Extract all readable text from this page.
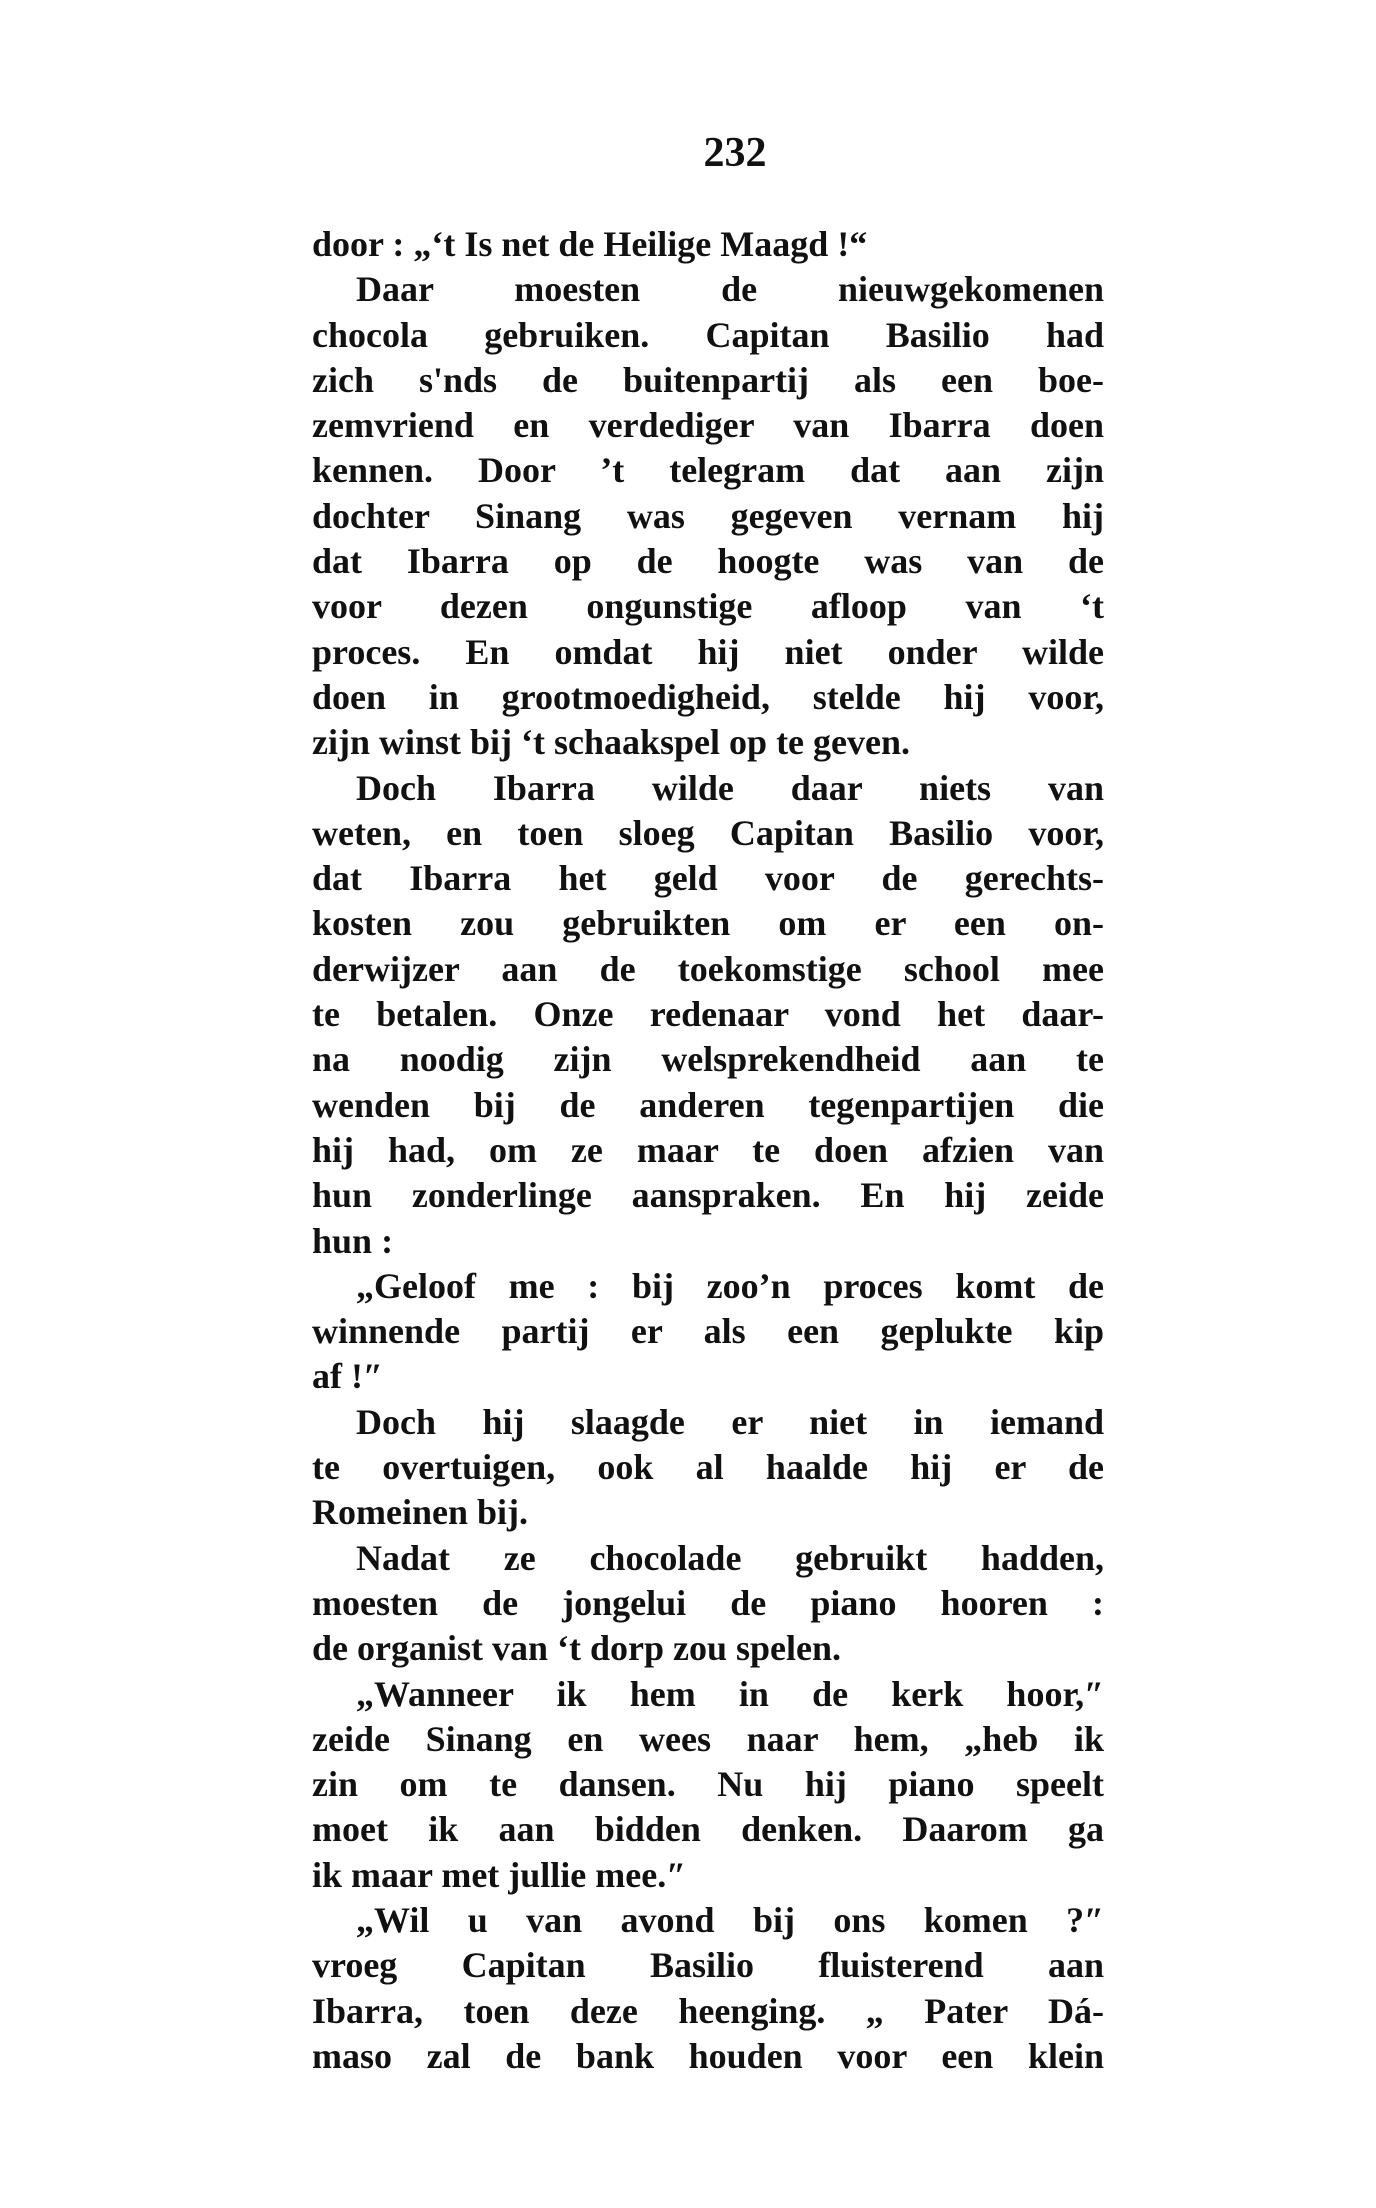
232
door : „‘t Is net de Heilige Maagd !“
Daar moesten de nieuwgekomenen
chocola gebruiken. Capitan Basilio had
zich s'nds de buitenpartij als een boe-
zemvriend en verdediger van Ibarra doen
kennen. Door ’t telegram dat aan zijn
dochter Sinang was gegeven vernam hij
dat Ibarra op de hoogte was van de
voor dezen ongunstige afloop van ‘t
proces. En omdat hij niet onder wilde
doen in grootmoedigheid, stelde hij voor,
zijn winst bij ‘t schaakspel op te geven.
Doch Ibarra wilde daar niets van
weten, en toen sloeg Capitan Basilio voor,
dat Ibarra het geld voor de gerechts-
kosten zou gebruikten om er een on-
derwijzer aan de toekomstige school mee
te betalen. Onze redenaar vond het daar-
na noodig zijn welsprekendheid aan te
wenden bij de anderen tegenpartijen die
hij had, om ze maar te doen afzien van
hun zonderlinge aanspraken. En hij zeide
hun :
„Geloof me : bij zoo’n proces komt de
winnende partij er als een geplukte kip
af !″
Doch hij slaagde er niet in iemand
te overtuigen, ook al haalde hij er de
Romeinen bij.
Nadat ze chocolade gebruikt hadden,
moesten de jongelui de piano hooren :
de organist van ‘t dorp zou spelen.
„Wanneer ik hem in de kerk hoor,″
zeide Sinang en wees naar hem, „heb ik
zin om te dansen. Nu hij piano speelt
moet ik aan bidden denken. Daarom ga
ik maar met jullie mee.″
„Wil u van avond bij ons komen ?″
vroeg Capitan Basilio fluisterend aan
Ibarra, toen deze heenging. „ Pater Dá-
maso zal de bank houden voor een klein
